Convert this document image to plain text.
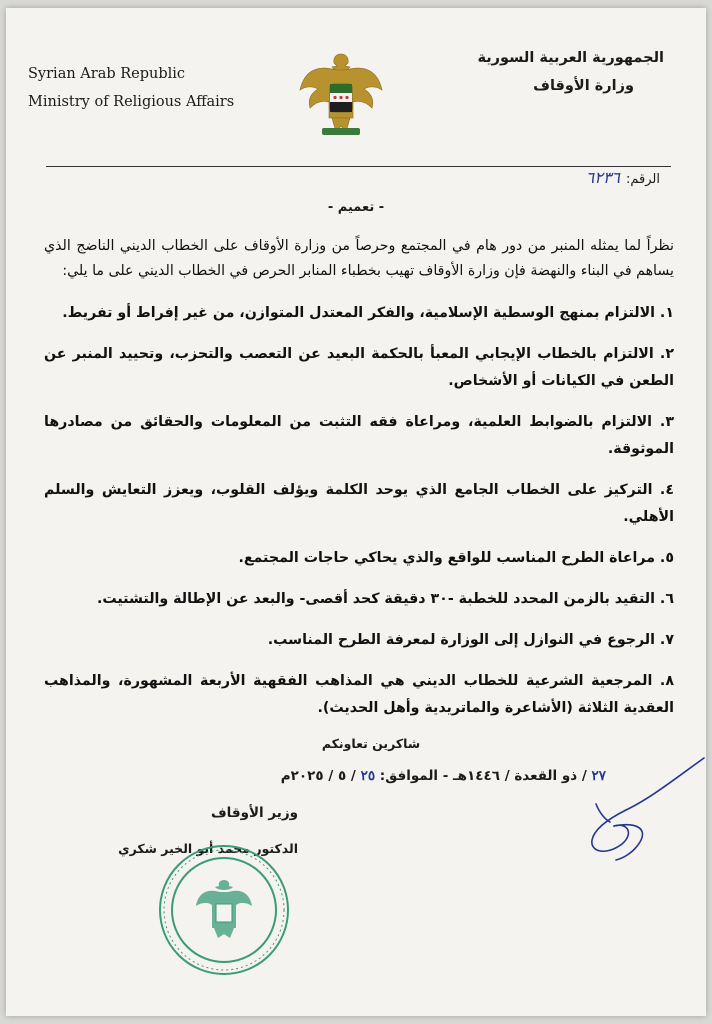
Syrian Arab Republic
Ministry of Religious Affairs
الجمهورية العربية السورية
وزارة الأوقاف
الرقم:٦٢٣٦
- تعميم -

نظراً لما يمثله المنبر من دور هام في المجتمع وحرصاً من وزارة الأوقاف على الخطاب الديني الناضج الذي يساهم في البناء والنهضة فإن وزارة الأوقاف تهيب بخطباء المنابر الحرص في الخطاب الديني على ما يلي:

١. الالتزام بمنهج الوسطية الإسلامية، والفكر المعتدل المتوازن، من غير إفراط أو تفريط.

٢. الالتزام بالخطاب الإيجابي المعبأ بالحكمة البعيد عن التعصب والتحزب، وتحييد المنبر عن الطعن في الكيانات أو الأشخاص.

٣. الالتزام بالضوابط العلمية، ومراعاة فقه التثبت من المعلومات والحقائق من مصادرها الموثوقة.

٤. التركيز على الخطاب الجامع الذي يوحد الكلمة ويؤلف القلوب، ويعزز التعايش والسلم الأهلي.

٥. مراعاة الطرح المناسب للواقع والذي يحاكي حاجات المجتمع.

٦. التقيد بالزمن المحدد للخطبة -٣٠ دقيقة كحد أقصى- والبعد عن الإطالة والتشتيت.

٧. الرجوع في النوازل إلى الوزارة لمعرفة الطرح المناسب.

٨. المرجعية الشرعية للخطاب الديني هي المذاهب الفقهية الأربعة المشهورة، والمذاهب العقدية الثلاثة (الأشاعرة والماتريدية وأهل الحديث).

شاكرين تعاونكم
٢٧ / ذو القعدة / ١٤٤٦هـ - الموافق: ٢٥ / ٥ / ٢٠٢٥م
وزير الأوقاف
الدكتور محمد أبو الخير شكري
